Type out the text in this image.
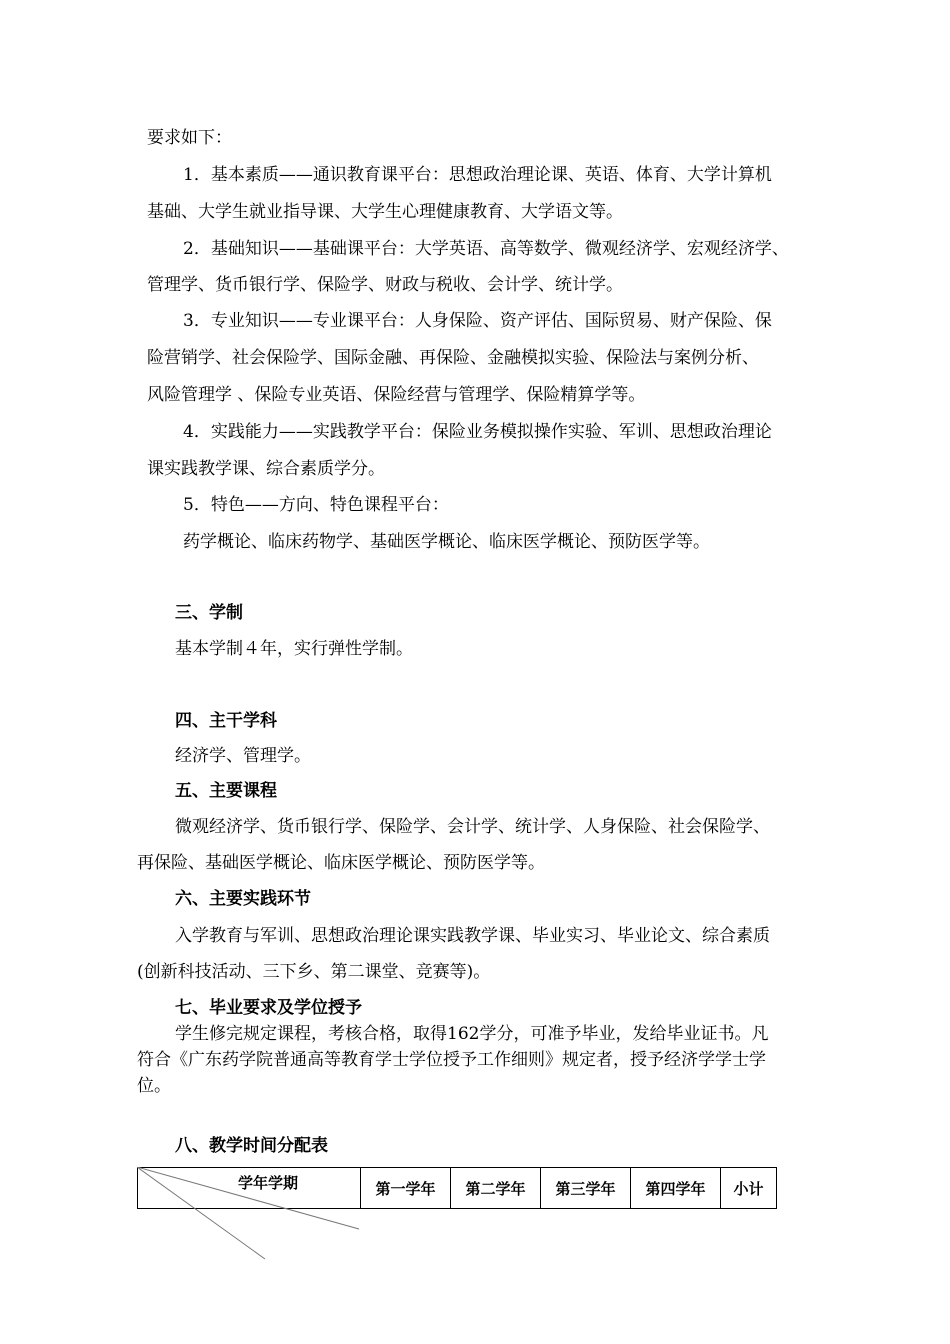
要求如下：
1．基本素质——通识教育课平台：思想政治理论课、英语、体育、大学计算机
基础、大学生就业指导课、大学生心理健康教育、大学语文等。
2．基础知识——基础课平台：大学英语、高等数学、微观经济学、宏观经济学、
管理学、货币银行学、保险学、财政与税收、会计学、统计学。
3．专业知识——专业课平台：人身保险、资产评估、国际贸易、财产保险、保
险营销学、社会保险学、国际金融、再保险、金融模拟实验、保险法与案例分析、
风险管理学 、保险专业英语、保险经营与管理学、保险精算学等。
4．实践能力——实践教学平台：保险业务模拟操作实验、军训、思想政治理论
课实践教学课、综合素质学分。
5．特色——方向、特色课程平台：
药学概论、临床药物学、基础医学概论、临床医学概论、预防医学等。
三、学制
基本学制４年，实行弹性学制。
四、主干学科
经济学、管理学。
五、主要课程
微观经济学、货币银行学、保险学、会计学、统计学、人身保险、社会保险学、
再保险、基础医学概论、临床医学概论、预防医学等。
六、主要实践环节
入学教育与军训、思想政治理论课实践教学课、毕业实习、毕业论文、综合素质
(创新科技活动、三下乡、第二课堂、竞赛等)。
七、毕业要求及学位授予
学生修完规定课程，考核合格，取得162学分，可准予毕业，发给毕业证书。凡
符合《广东药学院普通高等教育学士学位授予工作细则》规定者，授予经济学学士学
位。
八、教学时间分配表
学年学期	第一学年	第二学年	第三学年	第四学年	小计
